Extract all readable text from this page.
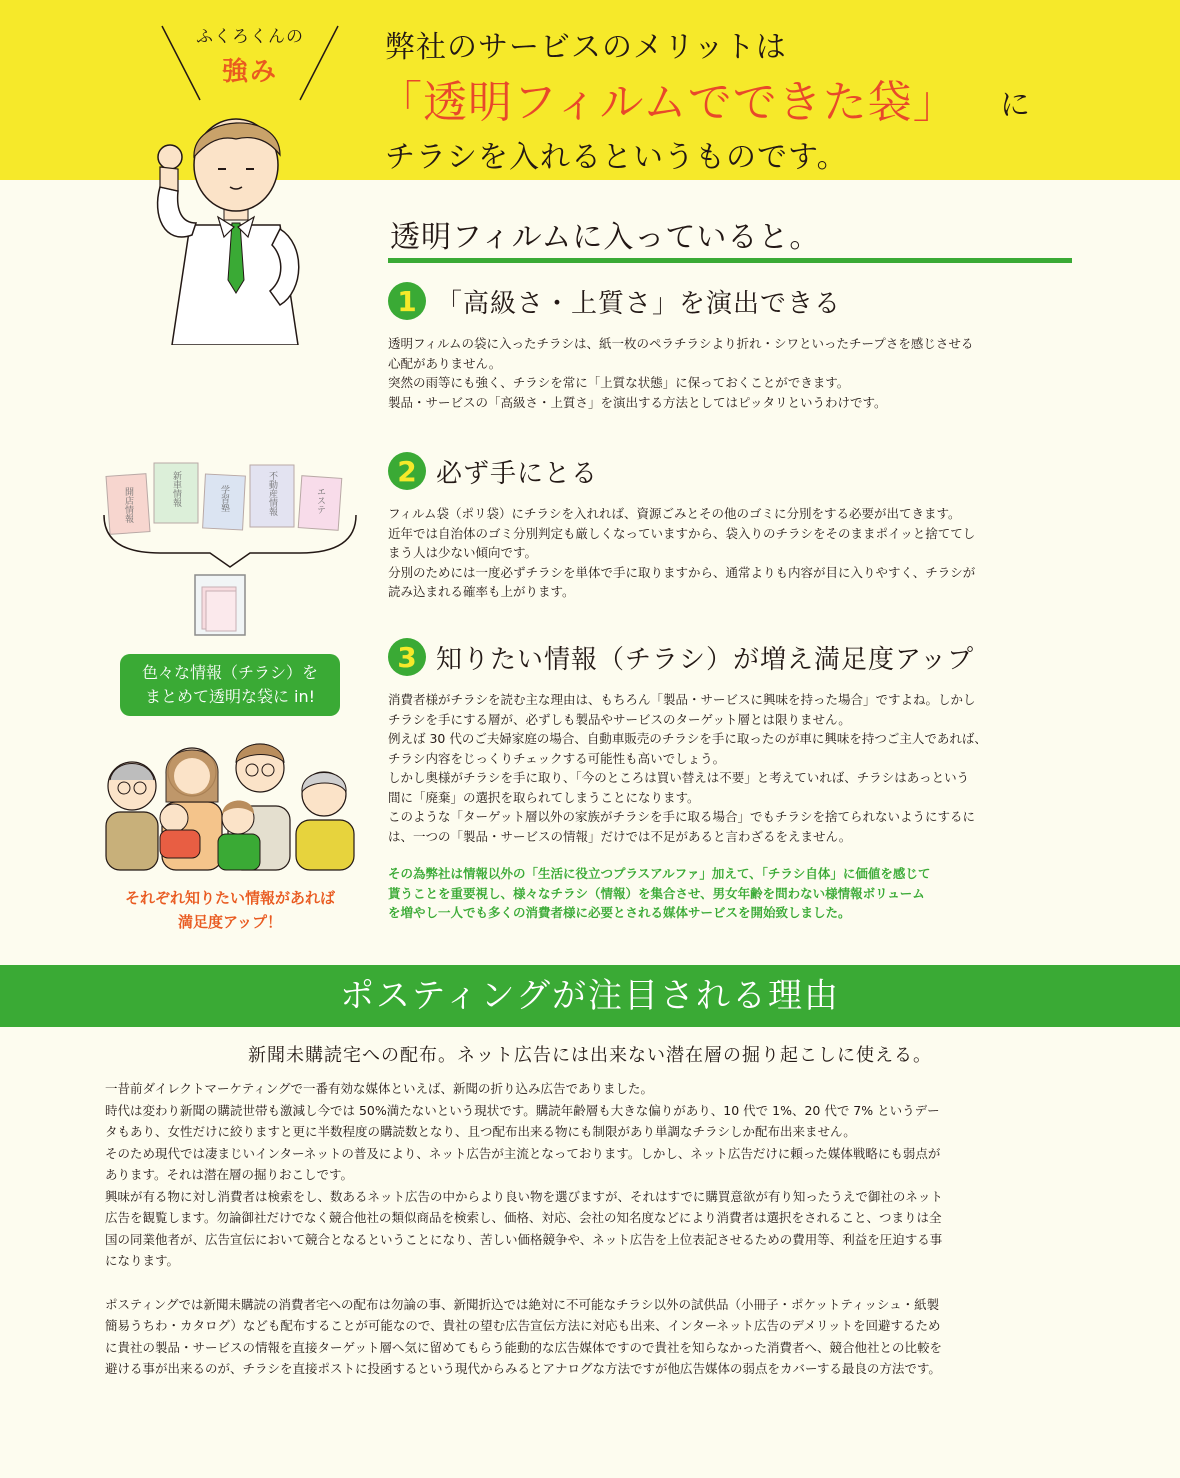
ふくろくんの
強み
弊社のサービスのメリットは
「透明フィルムでできた袋」 に
チラシを入れるというものです。
透明フィルムに入っていると。
1 「高級さ・上質さ」を演出できる

透明フィルムの袋に入ったチラシは、紙一枚のペラチラシより折れ・シワといったチープさを感じさせる

心配がありません。

突然の雨等にも強く、チラシを常に「上質な状態」に保っておくことができます。

製品・サービスの「高級さ・上質さ」を演出する方法としてはピッタリというわけです。

2 必ず手にとる

フィルム袋（ポリ袋）にチラシを入れれば、資源ごみとその他のゴミに分別をする必要が出てきます。

近年では自治体のゴミ分別判定も厳しくなっていますから、袋入りのチラシをそのままポイッと捨ててし

まう人は少ない傾向です。

分別のためには一度必ずチラシを単体で手に取りますから、通常よりも内容が目に入りやすく、チラシが

読み込まれる確率も上がります。

3 知りたい情報（チラシ）が増え満足度アップ

消費者様がチラシを読む主な理由は、もちろん「製品・サービスに興味を持った場合」ですよね。しかし

チラシを手にする層が、必ずしも製品やサービスのターゲット層とは限りません。

例えば 30 代のご夫婦家庭の場合、自動車販売のチラシを手に取ったのが車に興味を持つご主人であれば、

チラシ内容をじっくりチェックする可能性も高いでしょう。

しかし奥様がチラシを手に取り、「今のところは買い替えは不要」と考えていれば、チラシはあっという

間に「廃棄」の選択を取られてしまうことになります。

このような「ターゲット層以外の家族がチラシを手に取る場合」でもチラシを捨てられないようにするに

は、一つの「製品・サービスの情報」だけでは不足があると言わざるをえません。

その為弊社は情報以外の「生活に役立つプラスアルファ」加えて、「チラシ自体」に価値を感じて

貰うことを重要視し、様々なチラシ（情報）を集合させ、男女年齢を問わない様情報ボリューム

を増やし一人でも多くの消費者様に必要とされる媒体サービスを開始致しました。

開店情報	新車情報	学習塾	不動産情報	エステ
色々な情報（チラシ）を
まとめて透明な袋に in!
それぞれ知りたい情報があれば
満足度アップ！
ポスティングが注目される理由
新聞未購読宅への配布。ネット広告には出来ない潜在層の掘り起こしに使える。

一昔前ダイレクトマーケティングで一番有効な媒体といえば、新聞の折り込み広告でありました。

時代は変わり新聞の購読世帯も激減し今では 50%満たないという現状です。購読年齢層も大きな偏りがあり、10 代で 1%、20 代で 7% というデー

タもあり、女性だけに絞りますと更に半数程度の購読数となり、且つ配布出来る物にも制限があり単調なチラシしか配布出来ません。

そのため現代では凄まじいインターネットの普及により、ネット広告が主流となっております。しかし、ネット広告だけに頼った媒体戦略にも弱点が

あります。それは潜在層の掘りおこしです。

興味が有る物に対し消費者は検索をし、数あるネット広告の中からより良い物を選びますが、それはすでに購買意欲が有り知ったうえで御社のネット

広告を観覧します。勿論御社だけでなく競合他社の類似商品を検索し、価格、対応、会社の知名度などにより消費者は選択をされること、つまりは全

国の同業他者が、広告宣伝において競合となるということになり、苦しい価格競争や、ネット広告を上位表記させるための費用等、利益を圧迫する事

になります。

ポスティングでは新聞未購読の消費者宅への配布は勿論の事、新聞折込では絶対に不可能なチラシ以外の試供品（小冊子・ポケットティッシュ・紙製

簡易うちわ・カタログ）なども配布することが可能なので、貴社の望む広告宣伝方法に対応も出来、インターネット広告のデメリットを回避するため

に貴社の製品・サービスの情報を直接ターゲット層へ気に留めてもらう能動的な広告媒体ですので貴社を知らなかった消費者へ、競合他社との比較を

避ける事が出来るのが、チラシを直接ポストに投函するという現代からみるとアナログな方法ですが他広告媒体の弱点をカバーする最良の方法です。
